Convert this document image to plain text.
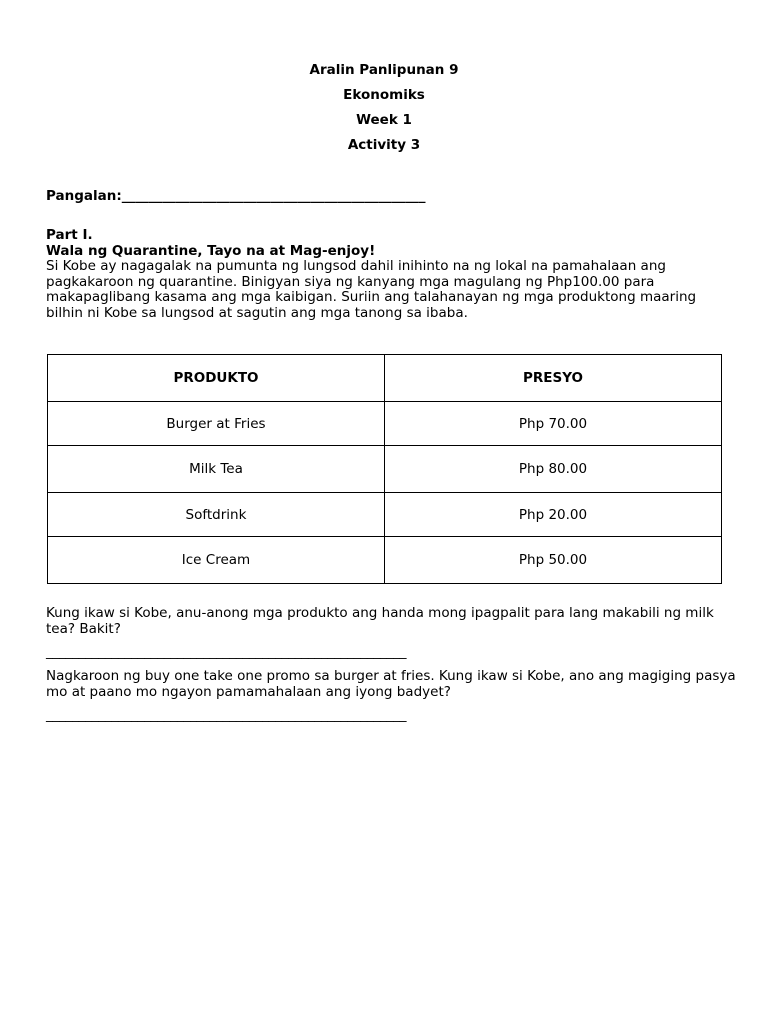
Aralin Panlipunan 9
Ekonomiks
Week 1
Activity 3
Pangalan:_____________________________________________
Part I.
Wala ng Quarantine, Tayo na at Mag-enjoy!
Si Kobe ay nagagalak na pumunta ng lungsod dahil inihinto na ng lokal na pamahalaan ang pagkakaroon ng quarantine. Binigyan siya ng kanyang mga magulang ng Php100.00 para makapaglibang kasama ang mga kaibigan. Suriin ang talahanayan ng mga produktong maaring bilhin ni Kobe sa lungsod at sagutin ang mga tanong sa ibaba.
PRODUKTO	PRESYO
Burger at Fries	Php 70.00
Milk Tea	Php 80.00
Softdrink	Php 20.00
Ice Cream	Php 50.00
Kung ikaw si Kobe, anu-anong mga produkto ang handa mong ipagpalit para lang makabili ng milk tea? Bakit?
_______________________________________________________
Nagkaroon ng buy one take one promo sa burger at fries. Kung ikaw si Kobe, ano ang magiging pasya mo at paano mo ngayon pamamahalaan ang iyong badyet?
_______________________________________________________
